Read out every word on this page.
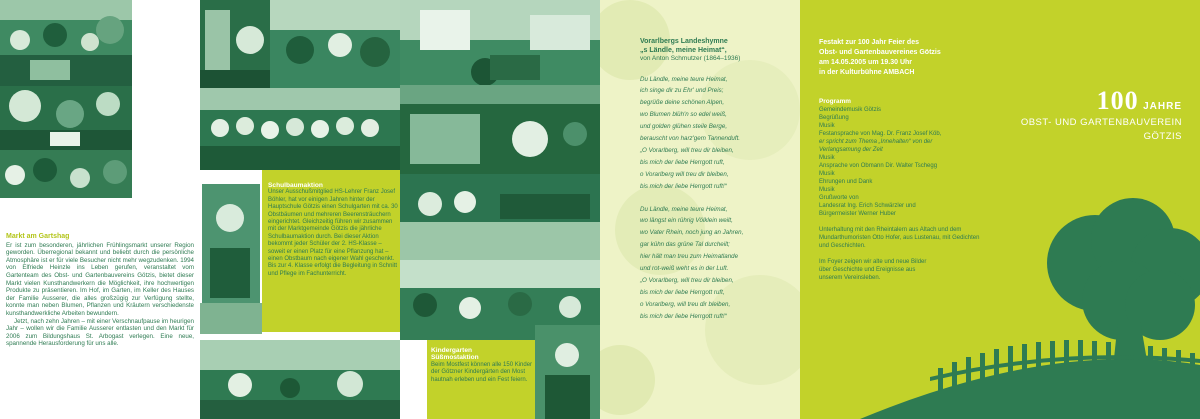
Markt am Gartshag

Er ist zum besonderen, jährlichen Frühlingsmarkt unserer Region geworden. Überregional bekannt und beliebt durch die persönliche Atmosphäre ist er für viele Besucher nicht mehr wegzudenken. 1994 von Elfriede Heinzle ins Leben gerufen, veranstaltet vom Gartenteam des Obst- und Gartenbauvereins Götzis, bietet dieser Markt vielen Kunsthandwerkern die Möglichkeit, ihre hochwertigen Produkte zu präsentieren. Im Hof, im Garten, im Keller des Hauses der Familie Ausserer, die alles großzügig zur Verfügung stellte, konnte man neben Blumen, Pflanzen und Kräutern verschiedenste kunsthandwerkliche Arbeiten bewundern.

Jetzt, nach zehn Jahren – mit einer Verschnaufpause im heurigen Jahr – wollen wir die Familie Ausserer entlasten und den Markt für 2006 zum Bildungshaus St. Arbogast verlegen. Eine neue, spannende Herausforderung für uns alle.

Schulbaumaktion

Unser Ausschußmitglied HS-Lehrer Franz Josef Böhler, hat vor einigen Jahren hinter der Hauptschule Götzis einen Schulgarten mit ca. 30 Obstbäumen und mehreren Beerensträuchern eingerichtet. Gleichzeitig führen wir zusammen mit der Marktgemeinde Götzis die jährliche Schulbaumaktion durch. Bei dieser Aktion bekommt jeder Schüler der 2. HS-Klasse – soweit er einen Platz für eine Pflanzung hat – einen Obstbaum nach eigener Wahl geschenkt. Bis zur 4. Klasse erfolgt die Begleitung in Schnitt und Pflege im Fachunterricht.

Kindergarten
Süßmostaktion

Beim Mostfest können alle 150 Kinder der Götzner Kindergärten den Most hautnah erleben und ein Fest feiern.

Vorarlbergs Landeshymne
„s Ländle, meine Heimat“,
von Anton Schmutzer (1864–1936)
Du Ländle, meine teure Heimat,
ich singe dir zu Ehr' und Preis;
begrüße deine schönen Alpen,
wo Blumen blüh'n so edel weiß,
und golden glühen steile Berge,
berauscht von harz'gem Tannenduft.
„O Vorarlberg, will treu dir bleiben,
bis mich der liebe Herrgott ruft,
o Vorarlberg will treu dir bleiben,
bis mich der liebe Herrgott ruft!“
Du Ländle, meine teure Heimat,
wo längst ein rührig Völklein weilt,
wo Vater Rhein, noch jung an Jahren,
gar kühn das grüne Tal durcheilt;
hier hält man treu zum Heimatlande
und rot-weiß weht es in der Luft.
„O Vorarlberg, will treu dir bleiben,
bis mich der liebe Herrgott ruft,
o Vorarlberg, will treu dir bleiben,
bis mich der liebe Herrgott ruft!“
Festakt zur 100 Jahr Feier des
Obst- und Gartenbauvereines Götzis
am 14.05.2005 um 19.30 Uhr
in der Kulturbühne AMBACH
Programm
Gemeindemusik Götzis
Begrüßung
Musik
Festansprache von Mag. Dr. Franz Josef Köb,
er spricht zum Thema „Innehalten“ von der
Verlangsamung der Zeit
Musik
Ansprache von Obmann Dir. Walter Tschegg
Musik
Ehrungen und Dank
Musik
Grußworte von
Landesrat Ing. Erich Schwärzler und
Bürgermeister Werner Huber

Unterhaltung mit den Rheintalern aus Altach und dem Mundarthumoristen Otto Hofer, aus Lustenau, mit Gedichten und Geschichten.

Im Foyer zeigen wir alte und neue Bilder über Geschichte und Ereignisse aus unserem Vereinsleben.

100 JAHRE
OBST- UND GARTENBAUVEREIN
GÖTZIS
